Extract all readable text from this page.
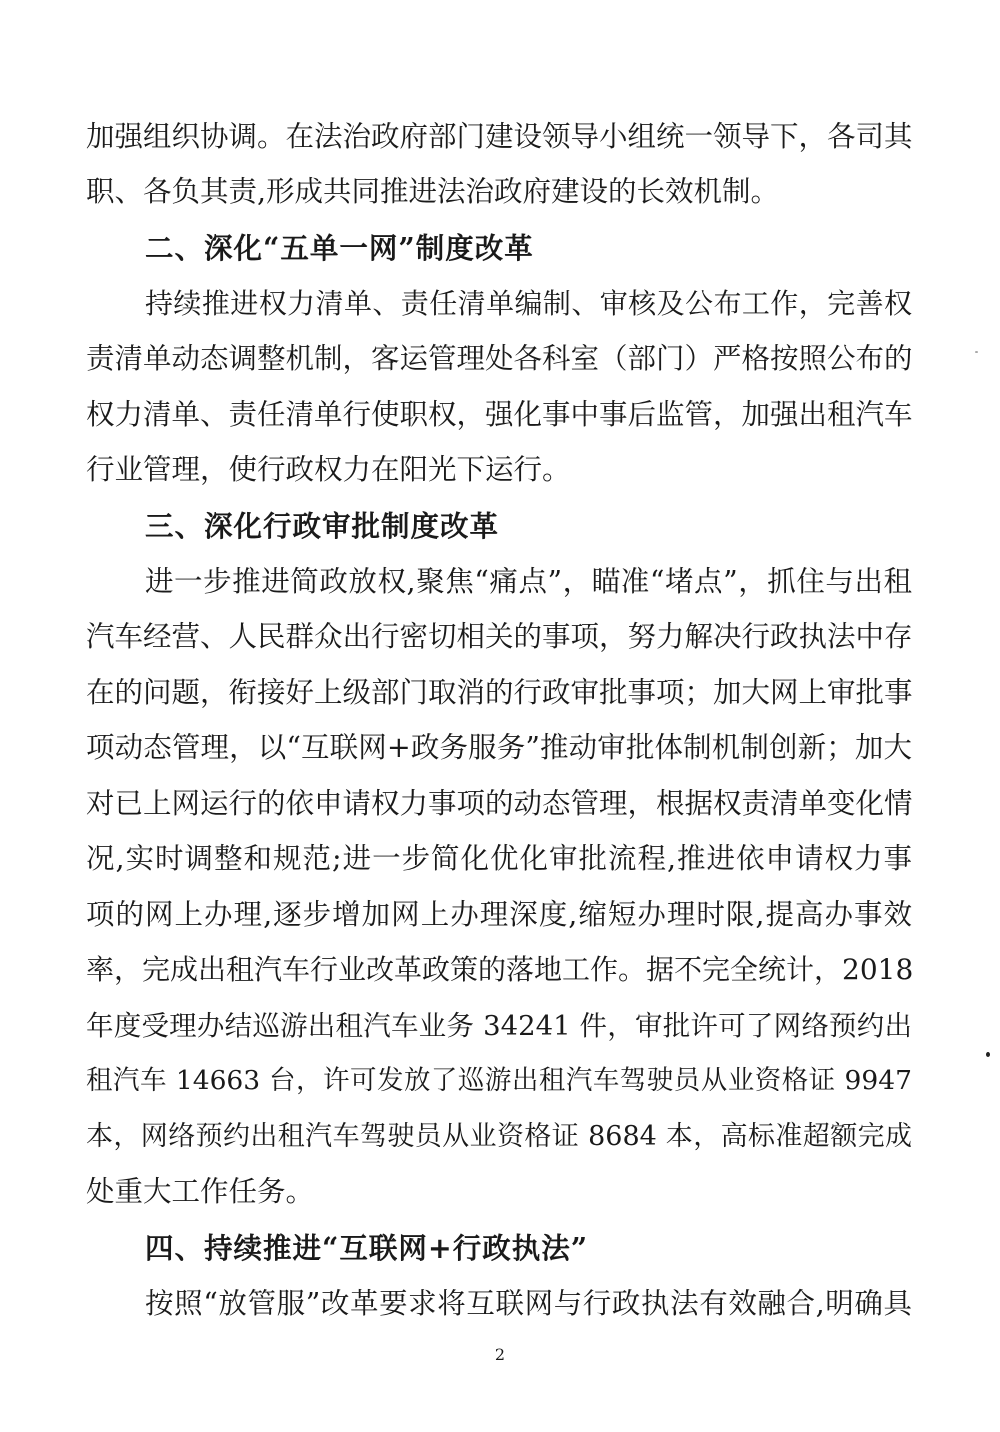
加强组织协调。在法治政府部门建设领导小组统一领导下，各司其
职、各负其责,形成共同推进法治政府建设的长效机制。
二、深化“五单一网”制度改革
持续推进权力清单、责任清单编制、审核及公布工作，完善权
责清单动态调整机制，客运管理处各科室（部门）严格按照公布的
权力清单、责任清单行使职权，强化事中事后监管，加强出租汽车
行业管理，使行政权力在阳光下运行。
三、深化行政审批制度改革
进一步推进简政放权,聚焦“痛点”，瞄准“堵点”，抓住与出租
汽车经营、人民群众出行密切相关的事项，努力解决行政执法中存
在的问题，衔接好上级部门取消的行政审批事项；加大网上审批事
项动态管理，以“互联网+政务服务”推动审批体制机制创新；加大
对已上网运行的依申请权力事项的动态管理，根据权责清单变化情
况,实时调整和规范;进一步简化优化审批流程,推进依申请权力事
项的网上办理,逐步增加网上办理深度,缩短办理时限,提高办事效
率，完成出租汽车行业改革政策的落地工作。据不完全统计，2018
年度受理办结巡游出租汽车业务 34241 件，审批许可了网络预约出
租汽车 14663 台，许可发放了巡游出租汽车驾驶员从业资格证 9947
本，网络预约出租汽车驾驶员从业资格证 8684 本，高标准超额完成
处重大工作任务。
四、持续推进“互联网+行政执法”
按照“放管服”改革要求将互联网与行政执法有效融合,明确具
2
